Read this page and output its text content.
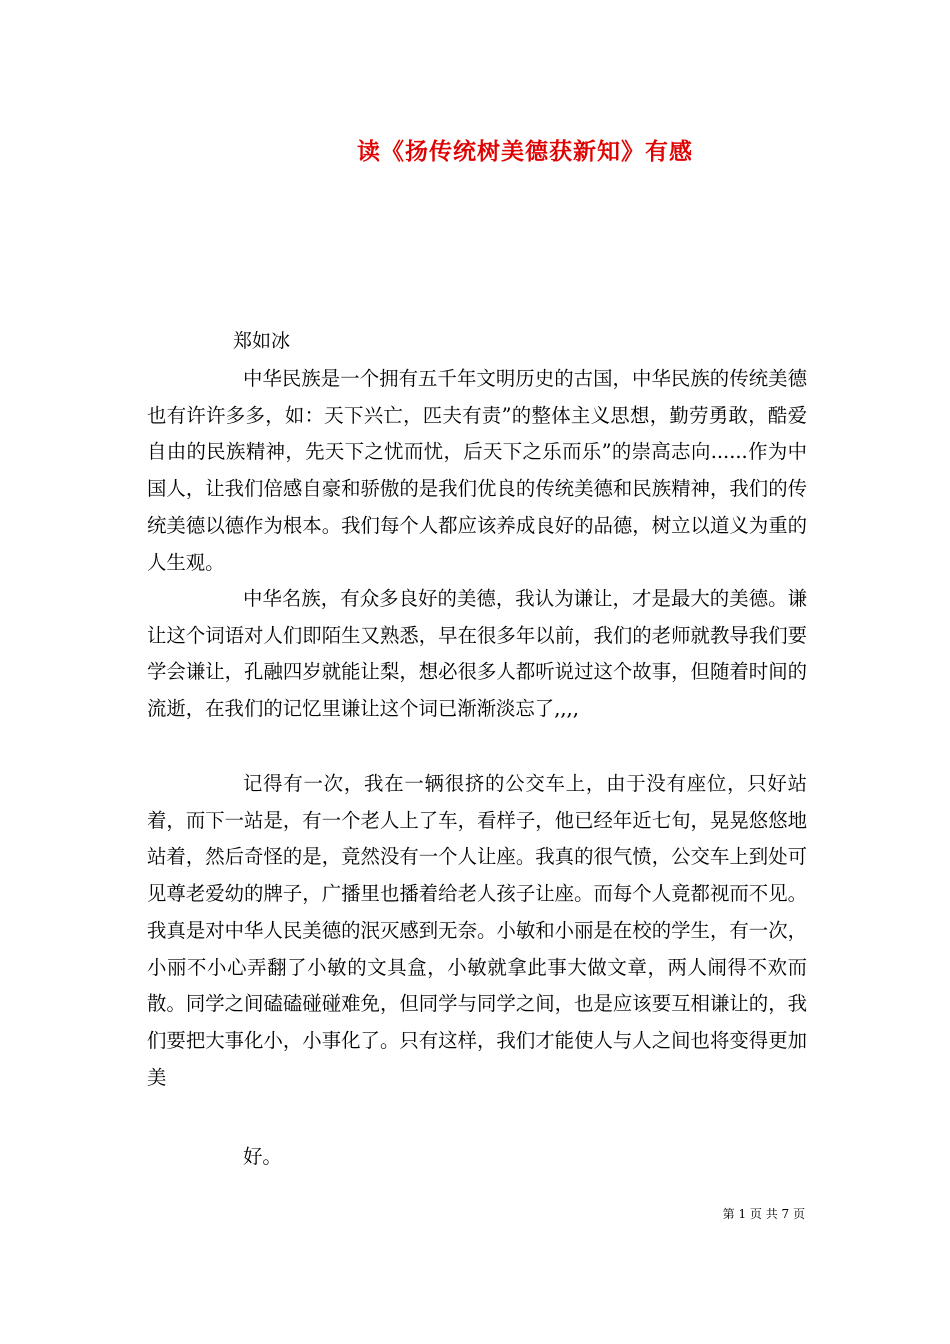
读《扬传统树美德获新知》有感
郑如冰

中华民族是一个拥有五千年文明历史的古国，中华民族的传统美德也有许许多多，如：天下兴亡，匹夫有责”的整体主义思想，勤劳勇敢，酷爱自由的民族精神，先天下之忧而忧，后天下之乐而乐”的崇高志向......作为中国人，让我们倍感自豪和骄傲的是我们优良的传统美德和民族精神，我们的传统美德以德作为根本。我们每个人都应该养成良好的品德，树立以道义为重的人生观。

中华名族，有众多良好的美德，我认为谦让，才是最大的美德。谦让这个词语对人们即陌生又熟悉，早在很多年以前，我们的老师就教导我们要学会谦让，孔融四岁就能让梨，想必很多人都听说过这个故事，但随着时间的流逝，在我们的记忆里谦让这个词已渐渐淡忘了,,,,

记得有一次，我在一辆很挤的公交车上，由于没有座位，只好站着，而下一站是，有一个老人上了车，看样子，他已经年近七旬，晃晃悠悠地站着，然后奇怪的是，竟然没有一个人让座。我真的很气愤，公交车上到处可见尊老爱幼的牌子，广播里也播着给老人孩子让座。而每个人竟都视而不见。我真是对中华人民美德的泯灭感到无奈。小敏和小丽是在校的学生，有一次，小丽不小心弄翻了小敏的文具盒，小敏就拿此事大做文章，两人闹得不欢而散。同学之间磕磕碰碰难免，但同学与同学之间，也是应该要互相谦让的，我们要把大事化小，小事化了。只有这样，我们才能使人与人之间也将变得更加美

好。
第 1 页 共 7 页
